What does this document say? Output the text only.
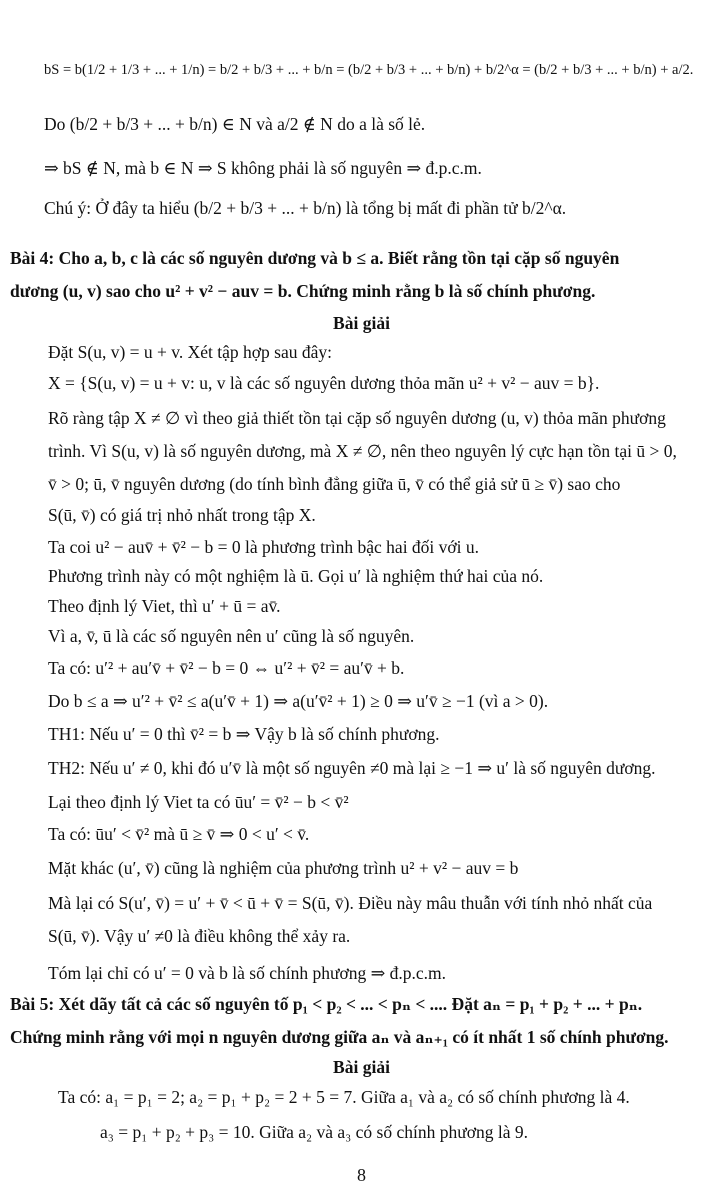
bS = b(1/2 + 1/3 + ... + 1/n) = b/2 + b/3 + ... + b/n = (b/2 + b/3 + ... + b/n) + b/2^α = (b/2 + b/3 + ... + b/n) + a/2.
Do (b/2 + b/3 + ... + b/n) ∈ N và a/2 ∉ N do a là số lẻ.
⇒ bS ∉ N, mà b ∈ N ⇒ S không phải là số nguyên ⇒ đ.p.c.m.
Chú ý: Ở đây ta hiểu (b/2 + b/3 + ... + b/n) là tổng bị mất đi phần tử b/2^α.
Bài 4: Cho a, b, c là các số nguyên dương và b ≤ a. Biết rằng tồn tại cặp số nguyên
dương (u, v) sao cho u² + v² − auv = b. Chứng minh rằng b là số chính phương.
Bài giải
Đặt S(u, v) = u + v. Xét tập hợp sau đây:
X = {S(u, v) = u + v: u, v là các số nguyên dương thỏa mãn u² + v² − auv = b}.
Rõ ràng tập X ≠ ∅ vì theo giả thiết tồn tại cặp số nguyên dương (u, v) thỏa mãn phương
trình. Vì S(u, v) là số nguyên dương, mà X ≠ ∅, nên theo nguyên lý cực hạn tồn tại ū > 0,
v̄ > 0; ū, v̄ nguyên dương (do tính bình đẳng giữa ū, v̄ có thể giả sử ū ≥ v̄) sao cho
S(ū, v̄) có giá trị nhỏ nhất trong tập X.
Ta coi u² − auv̄ + v̄² − b = 0 là phương trình bậc hai đối với u.
Phương trình này có một nghiệm là ū. Gọi u′ là nghiệm thứ hai của nó.
Theo định lý Viet, thì u′ + ū = av̄.
Vì a, v̄, ū là các số nguyên nên u′ cũng là số nguyên.
Ta có: u′² + au′v̄ + v̄² − b = 0 ⇔ u′² + v̄² = au′v̄ + b.
Do b ≤ a ⇒ u′² + v̄² ≤ a(u′v̄ + 1) ⇒ a(u′v̄² + 1) ≥ 0 ⇒ u′v̄ ≥ −1 (vì a > 0).
TH1: Nếu u′ = 0 thì v̄² = b ⇒ Vậy b là số chính phương.
TH2: Nếu u′ ≠ 0, khi đó u′v̄ là một số nguyên ≠0 mà lại ≥ −1 ⇒ u′ là số nguyên dương.
Lại theo định lý Viet ta có ūu′ = v̄² − b < v̄²
Ta có: ūu′ < v̄² mà ū ≥ v̄ ⇒ 0 < u′ < v̄.
Mặt khác (u′, v̄) cũng là nghiệm của phương trình u² + v² − auv = b
Mà lại có S(u′, v̄) = u′ + v̄ < ū + v̄ = S(ū, v̄). Điều này mâu thuẫn với tính nhỏ nhất của
S(ū, v̄). Vậy u′ ≠0 là điều không thể xảy ra.
Tóm lại chỉ có u′ = 0 và b là số chính phương ⇒ đ.p.c.m.
Bài 5: Xét dãy tất cả các số nguyên tố p₁ < p₂ < ... < pₙ < .... Đặt aₙ = p₁ + p₂ + ... + pₙ.
Chứng minh rằng với mọi n nguyên dương giữa aₙ và aₙ₊₁ có ít nhất 1 số chính phương.
Bài giải
Ta có: a₁ = p₁ = 2; a₂ = p₁ + p₂ = 2 + 5 = 7. Giữa a₁ và a₂ có số chính phương là 4.
a₃ = p₁ + p₂ + p₃ = 10. Giữa a₂ và a₃ có số chính phương là 9.
8
